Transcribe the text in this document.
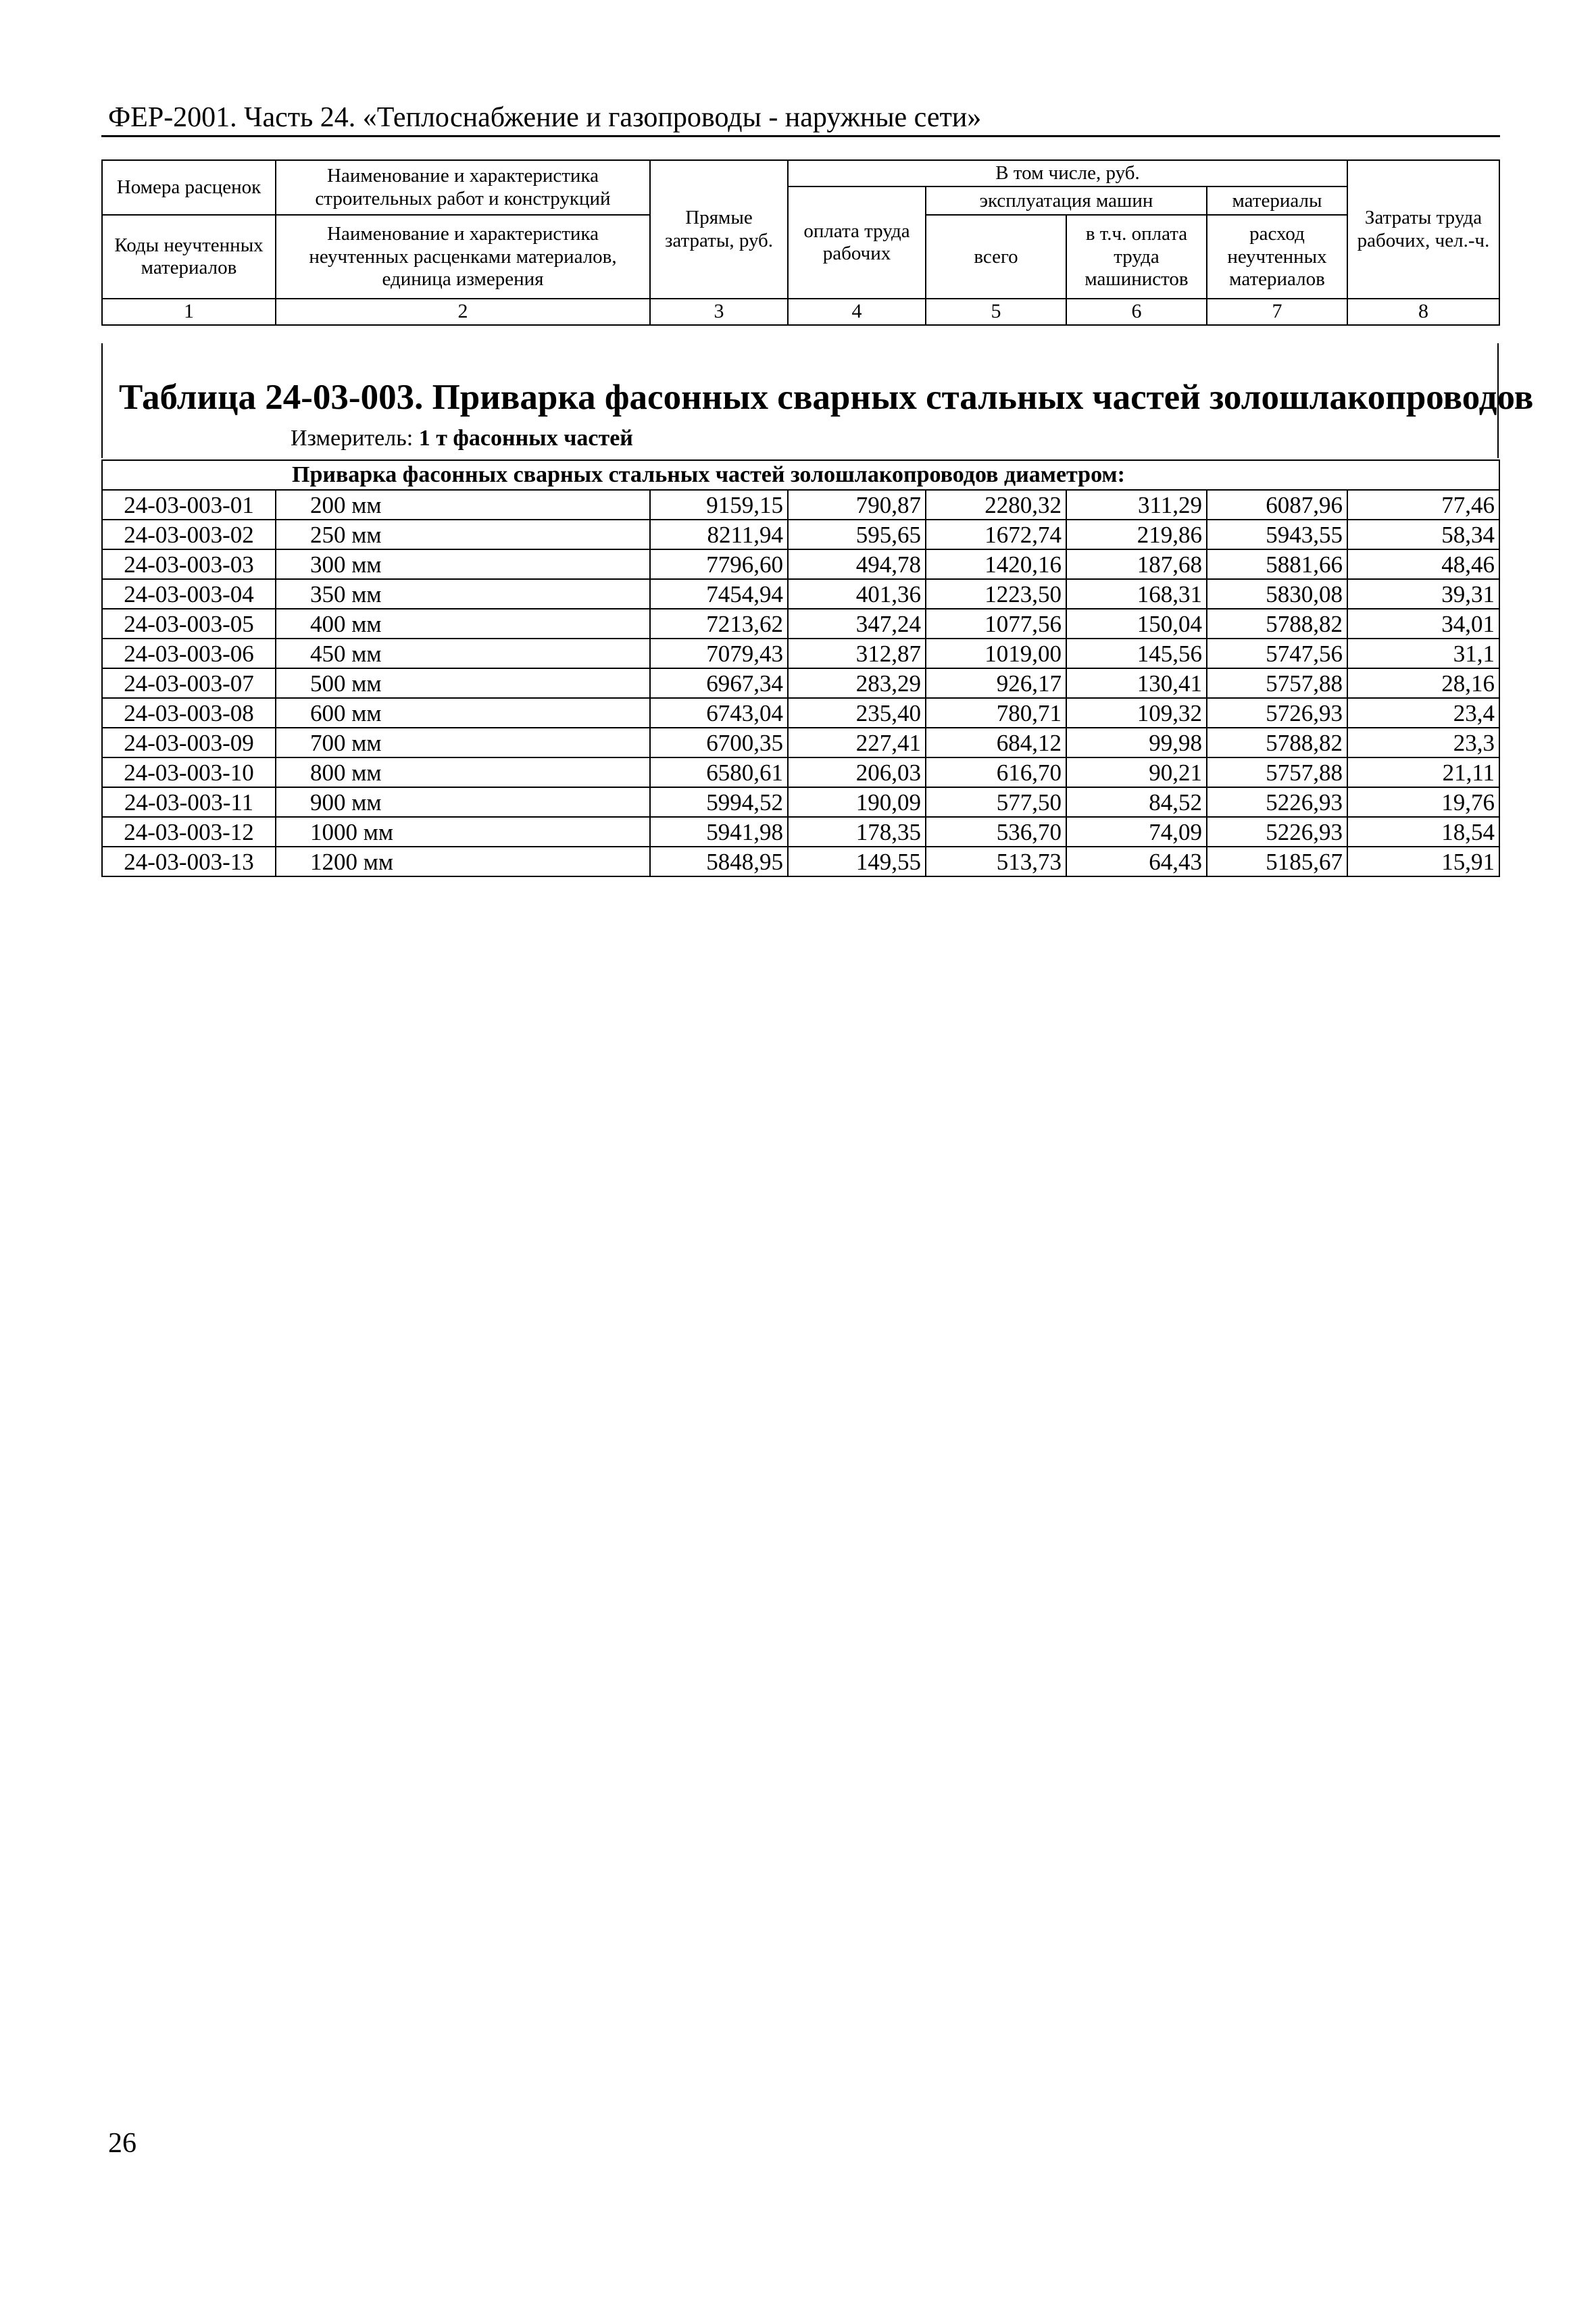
ФЕР-2001. Часть 24. «Теплоснабжение и газопроводы - наружные сети»
Номера расценок	Наименование и характеристика строительных работ и конструкций	Прямые затраты, руб.	В том числе, руб.				Затраты труда рабочих, чел.-ч.
			оплата труда рабочих	эксплуатация машин		материалы	
Коды неучтенных материалов	Наименование и характеристика неучтенных расценками материалов, единица измерения			всего	в т.ч. оплата труда машинистов	расход неучтенных материалов	

1	2	3	4	5	6	7	8
Таблица 24-03-003. Приварка фасонных сварных стальных частей золошлакопроводов
Измеритель: 1 т фасонных частей
Приварка фасонных сварных стальных частей золошлакопроводов диаметром:							
24-03-003-01	200 мм	9159,15	790,87	2280,32	311,29	6087,96	77,46
24-03-003-02	250 мм	8211,94	595,65	1672,74	219,86	5943,55	58,34
24-03-003-03	300 мм	7796,60	494,78	1420,16	187,68	5881,66	48,46
24-03-003-04	350 мм	7454,94	401,36	1223,50	168,31	5830,08	39,31
24-03-003-05	400 мм	7213,62	347,24	1077,56	150,04	5788,82	34,01
24-03-003-06	450 мм	7079,43	312,87	1019,00	145,56	5747,56	31,1
24-03-003-07	500 мм	6967,34	283,29	926,17	130,41	5757,88	28,16
24-03-003-08	600 мм	6743,04	235,40	780,71	109,32	5726,93	23,4
24-03-003-09	700 мм	6700,35	227,41	684,12	99,98	5788,82	23,3
24-03-003-10	800 мм	6580,61	206,03	616,70	90,21	5757,88	21,11
24-03-003-11	900 мм	5994,52	190,09	577,50	84,52	5226,93	19,76
24-03-003-12	1000 мм	5941,98	178,35	536,70	74,09	5226,93	18,54
24-03-003-13	1200 мм	5848,95	149,55	513,73	64,43	5185,67	15,91
26
